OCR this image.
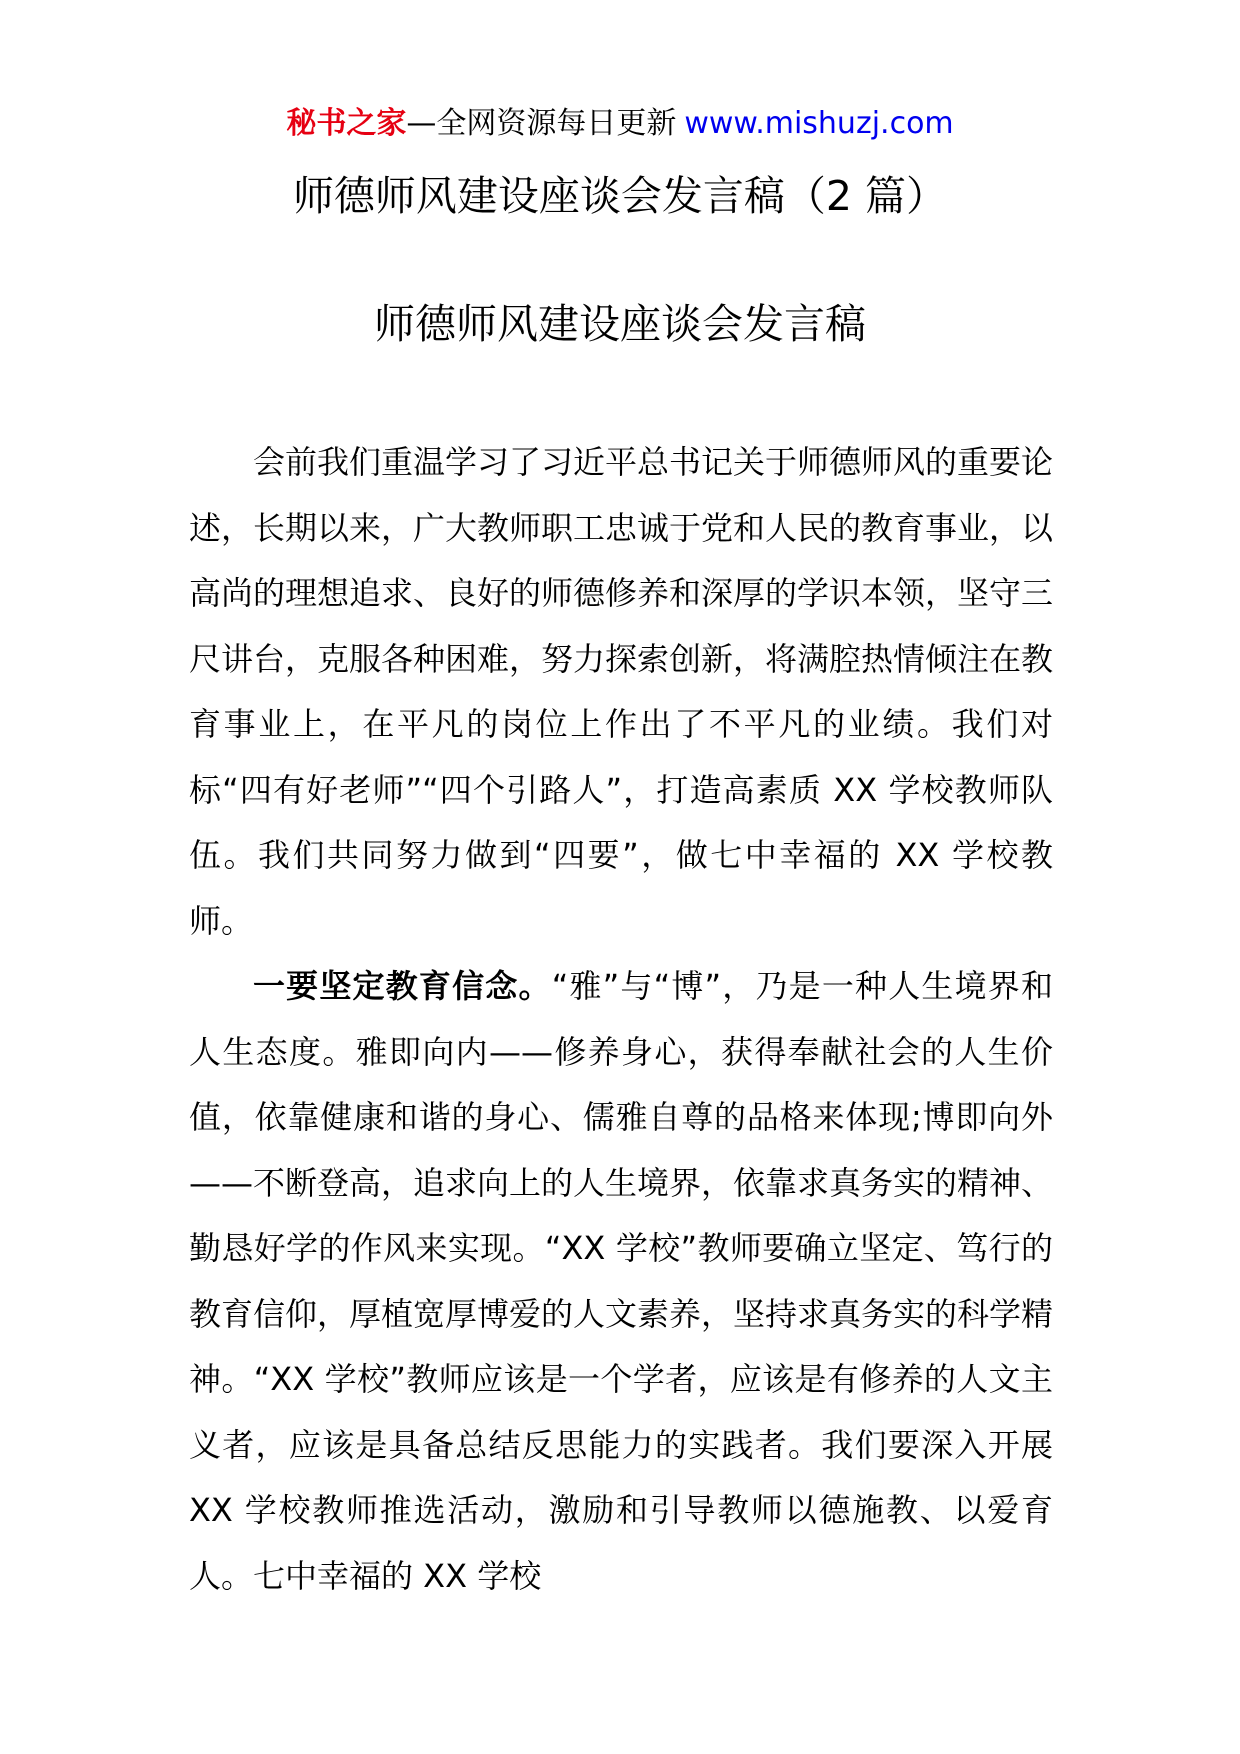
秘书之家—全网资源每日更新 www.mishuzj.com
师德师风建设座谈会发言稿（2 篇）
师德师风建设座谈会发言稿

会前我们重温学习了习近平总书记关于师德师风的重要论述，长期以来，广大教师职工忠诚于党和人民的教育事业，以高尚的理想追求、良好的师德修养和深厚的学识本领，坚守三尺讲台，克服各种困难，努力探索创新，将满腔热情倾注在教育事业上，在平凡的岗位上作出了不平凡的业绩。我们对标“四有好老师”“四个引路人”，打造高素质 XX 学校教师队伍。我们共同努力做到“四要”，做七中幸福的 XX 学校教师。

一要坚定教育信念。“雅”与“博”，乃是一种人生境界和人生态度。雅即向内——修养身心，获得奉献社会的人生价值，依靠健康和谐的身心、儒雅自尊的品格来体现;博即向外——不断登高，追求向上的人生境界，依靠求真务实的精神、勤恳好学的作风来实现。“XX 学校”教师要确立坚定、笃行的教育信仰，厚植宽厚博爱的人文素养，坚持求真务实的科学精神。“XX 学校”教师应该是一个学者，应该是有修养的人文主义者，应该是具备总结反思能力的实践者。我们要深入开展 XX 学校教师推选活动，激励和引导教师以德施教、以爱育人。七中幸福的 XX 学校
